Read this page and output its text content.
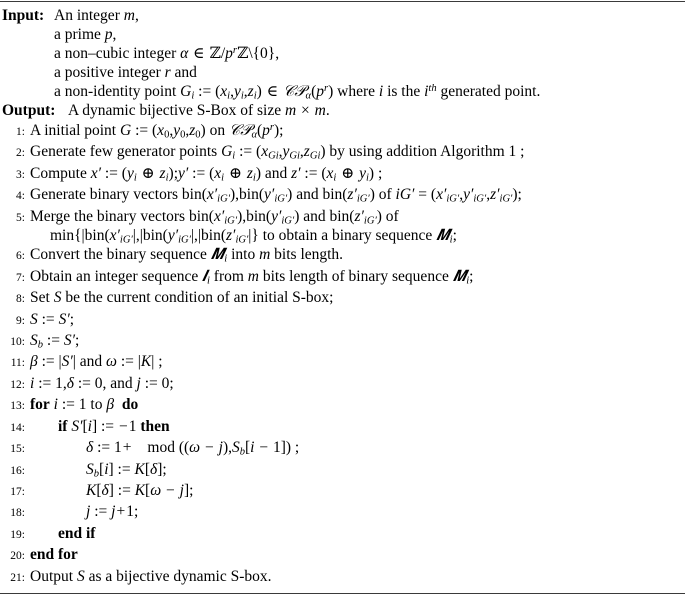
Input: An integer m,
a prime p,
a non–cubic integer α ∈ $ℤ/p^rℤ\backslash\{0\}$,
a positive integer r and
a non-identity point $G_i$ := $(x_i,y_i,z_i)$ ∈ $𝒞𝒫_\alpha(p^r)$ where i is the $i^{th}$ generated point.
Output: A dynamic bijective S-Box of size m × m.
1: A initial point G := $(x_0,y_0,z_0)$ on $𝒞𝒫_\alpha(p^r)$;
2: Generate few generator points $G_i$ := $(x_{Gi},y_{Gi},z_{Gi})$ by using addition Algorithm 1 ;
3: Compute x′ := ($y_i$ ⊕ $z_i);y'$ := ($x_i$ ⊕ $z_i$) and z′ := ($x_i$ ⊕ $y_i$) ;
4: Generate binary vectors $bin(x'_{iG'}),bin(y'_{iG'})$ and $bin(z'_{iG'})$ of $iG' = (x'_{iG'},y'_{iG'},z'_{iG'})$;
5: Merge the binary vectors $bin(x'_{iG'}),bin(y'_{iG'})$ and $bin(z'_{iG'})$ of
$\min\{|bin(x'_{iG'}|,|bin(y'_{iG'}|,|bin(z'_{iG'}|\}$ to obtain a binary sequence 𝑴$_i$;
6: Convert the binary sequence 𝑴$_i$ into m bits length.
7: Obtain an integer sequence 𝑰$_i$ from m bits length of binary sequence 𝑴$_i$;
8: Set S be the current condition of an initial S-box;
9: S := S′;
10: $S_b$ := S′;
11: β := |S′| and ω := |K| ;
12: i := 1,δ := 0, and j := 0;
13: for i := 1 to β do
14:	if S′[i] := −1 then
15:	δ := 1+ mod $((\omega - j),S_b[i - 1])$ ;
16:	$S_b[i]$ := K[δ];
17:	K[δ] := K[ω − j];
18:	j := j+1;
19:	end if
20: end for
21: Output S as a bijective dynamic S-box.
